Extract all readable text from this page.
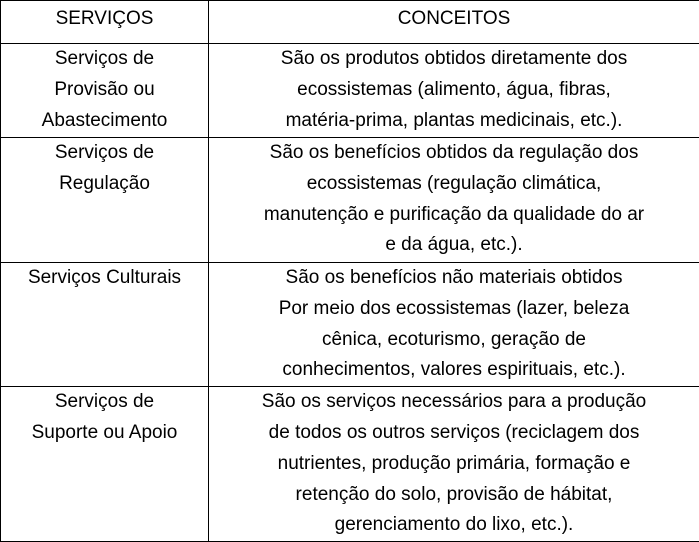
SERVIÇOS	CONCEITOS

Serviços de
Provisão ou
Abastecimento	São os produtos obtidos diretamente dos
ecossistemas (alimento, água, fibras,
matéria-prima, plantas medicinais, etc.).

Serviços de
Regulação	São os benefícios obtidos da regulação dos
ecossistemas (regulação climática,
manutenção e purificação da qualidade do ar
e da água, etc.).

Serviços Culturais	São os benefícios não materiais obtidos
Por meio dos ecossistemas (lazer, beleza
cênica, ecoturismo, geração de
conhecimentos, valores espirituais, etc.).

Serviços de
Suporte ou Apoio	São os serviços necessários para a produção
de todos os outros serviços (reciclagem dos
nutrientes, produção primária, formação e
retenção do solo, provisão de hábitat,
gerenciamento do lixo, etc.).
